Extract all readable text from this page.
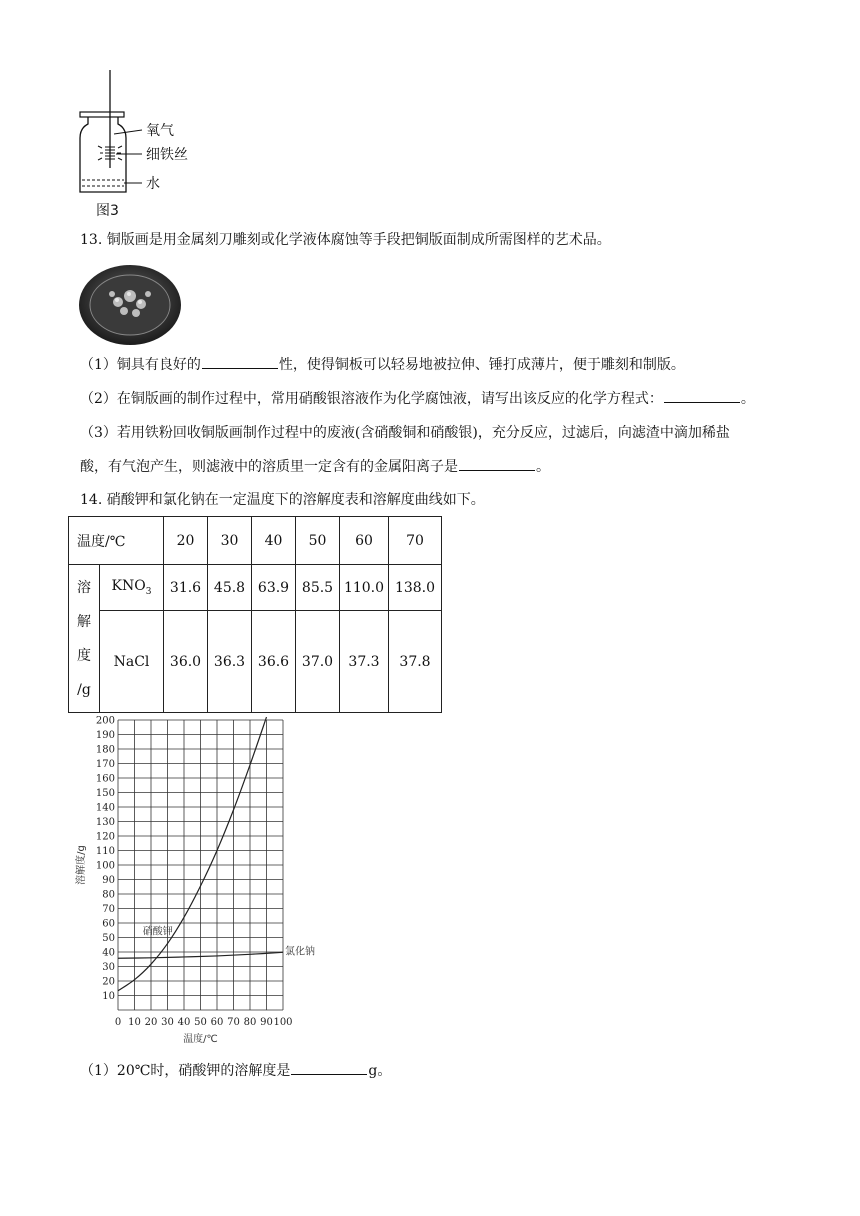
氧气
细铁丝
水
图3
13. 铜版画是用金属刻刀雕刻或化学液体腐蚀等手段把铜版面制成所需图样的艺术品。
（1）铜具有良好的	性，使得铜板可以轻易地被拉伸、锤打成薄片，便于雕刻和制版。
（2）在铜版画的制作过程中，常用硝酸银溶液作为化学腐蚀液，请写出该反应的化学方程式：	。
（3）若用铁粉回收铜版画制作过程中的废液(含硝酸铜和硝酸银)，充分反应，过滤后，向滤渣中滴加稀盐
酸，有气泡产生，则滤液中的溶质里一定含有的金属阳离子是	。
14. 硝酸钾和氯化钠在一定温度下的溶解度表和溶解度曲线如下。
温度/℃		20	30	40	50	60	70

溶
解
度
/g	$KNO_3$	31.6	45.8	63.9	85.5	110.0	138.0
	NaCl	36.0	36.3	36.6	37.0	37.3	37.8
0 10 20 30 40 50 60 70 80 90 100
10
20
30
40
50
60
70
80
90
100
110
120
130
140
150
160
170
180
190
200
温度/℃
溶解度/g
硝酸钾
氯化钠
（1）20℃时，硝酸钾的溶解度是	g。
